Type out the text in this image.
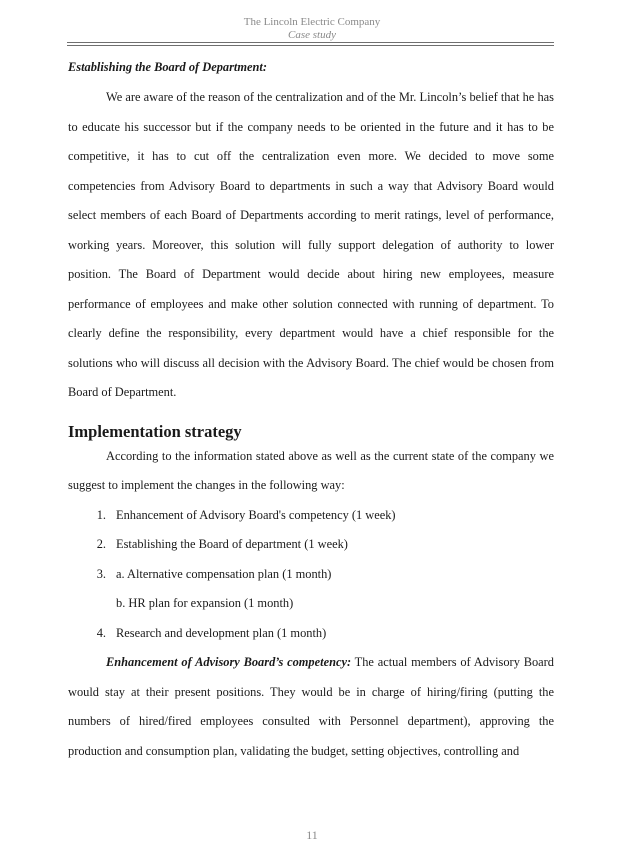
The Lincoln Electric Company
Case study
Establishing the Board of Department:

We are aware of the reason of the centralization and of the Mr. Lincoln’s belief that he has to educate his successor but if the company needs to be oriented in the future and it has to be competitive, it has to cut off the centralization even more. We decided to move some competencies from Advisory Board to departments in such a way that Advisory Board would select members of each Board of Departments according to merit ratings, level of performance, working years. Moreover, this solution will fully support delegation of authority to lower position. The Board of Department would decide about hiring new employees, measure performance of employees and make other solution connected with running of department. To clearly define the responsibility, every department would have a chief responsible for the solutions who will discuss all decision with the Advisory Board. The chief would be chosen from Board of Department.

Implementation strategy

According to the information stated above as well as the current state of the company we suggest to implement the changes in the following way:

1. Enhancement of Advisory Board's competency (1 week)
2. Establishing the Board of department (1 week)
3. a. Alternative compensation plan (1 month)
b. HR plan for expansion (1 month)
4. Research and development plan (1 month)

Enhancement of Advisory Board’s competency: The actual members of Advisory Board would stay at their present positions. They would be in charge of hiring/firing (putting the numbers of hired/fired employees consulted with Personnel department), approving the production and consumption plan, validating the budget, setting objectives, controlling and

11
